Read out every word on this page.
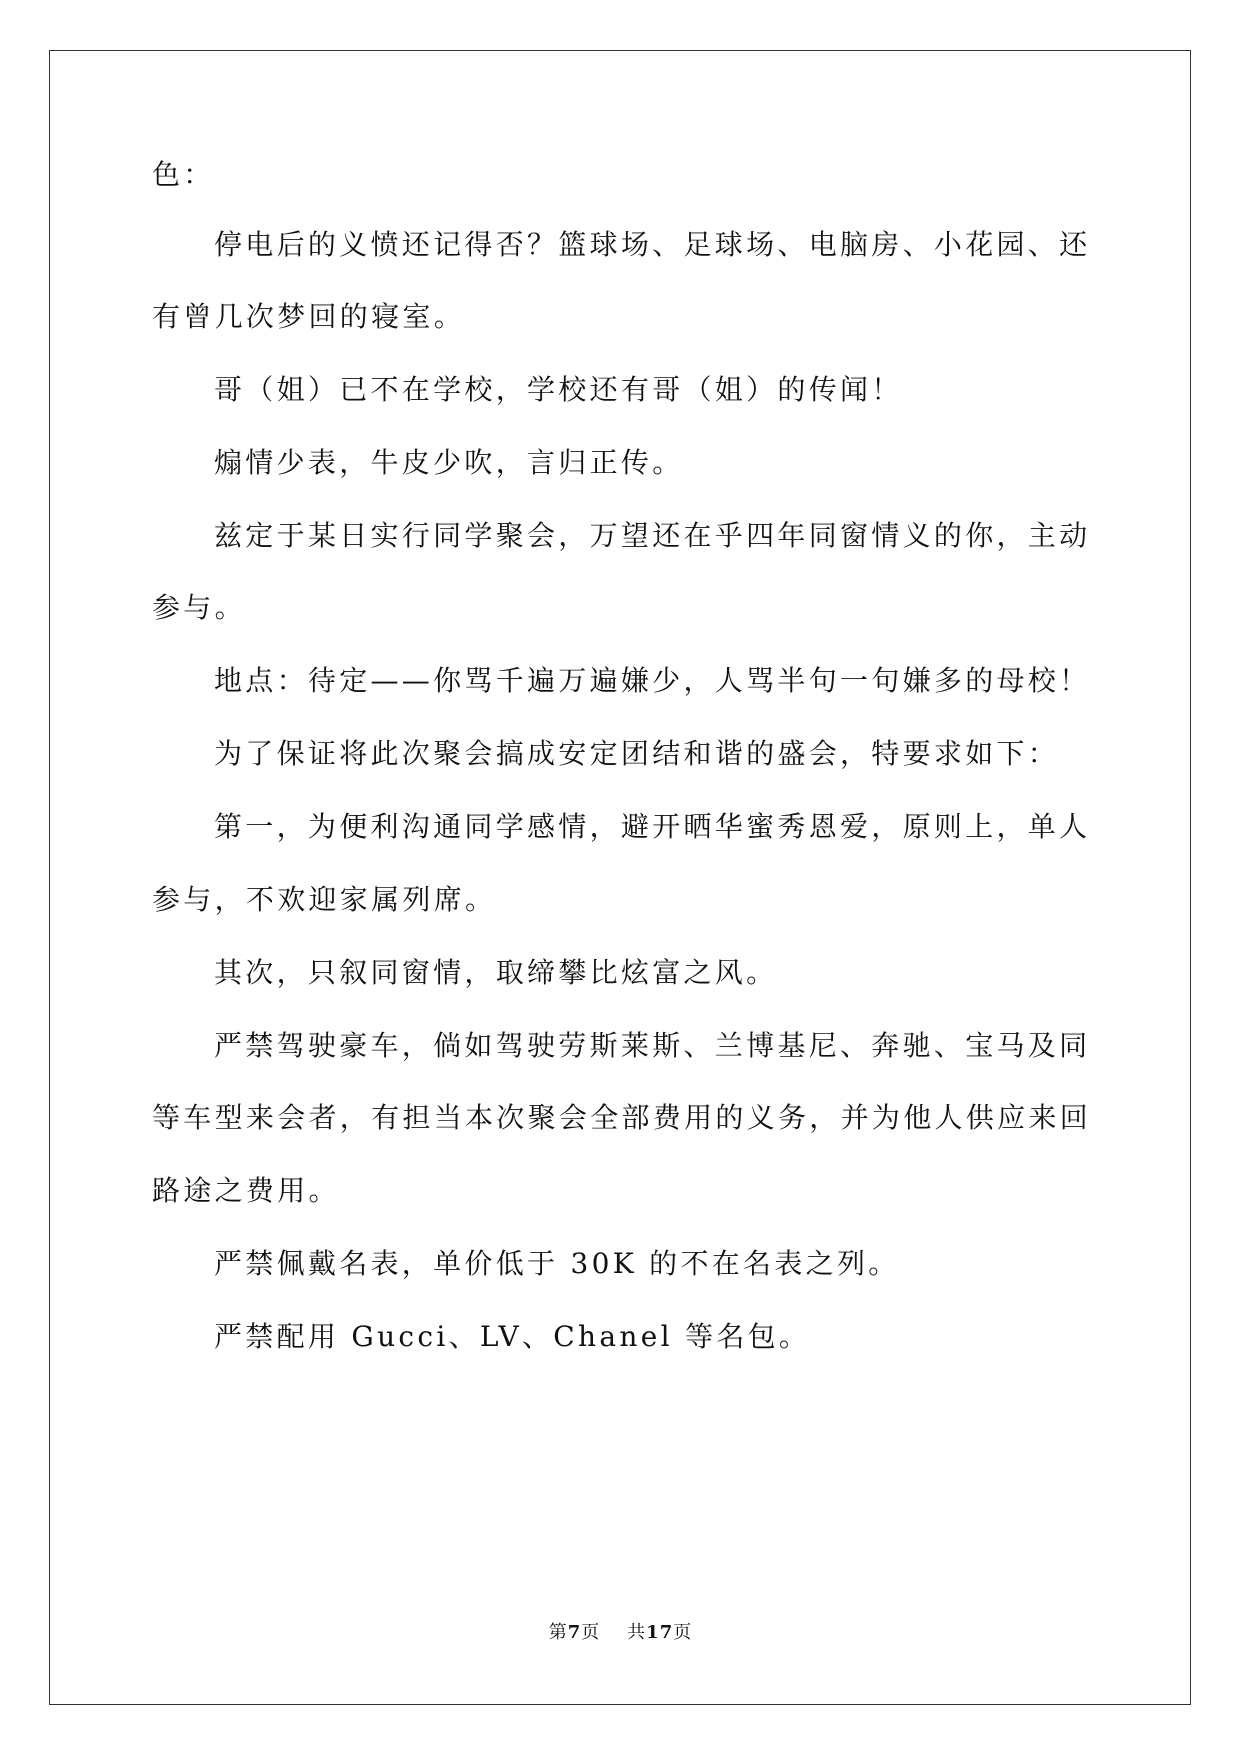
色：
停电后的义愤还记得否？篮球场、足球场、电脑房、小花园、还
有曾几次梦回的寝室。
哥（姐）已不在学校，学校还有哥（姐）的传闻！
煽情少表，牛皮少吹，言归正传。
兹定于某日实行同学聚会，万望还在乎四年同窗情义的你，主动
参与。
地点：待定——你骂千遍万遍嫌少，人骂半句一句嫌多的母校！
为了保证将此次聚会搞成安定团结和谐的盛会，特要求如下：
第一，为便利沟通同学感情，避开晒华蜜秀恩爱，原则上，单人
参与，不欢迎家属列席。
其次，只叙同窗情，取缔攀比炫富之风。
严禁驾驶豪车，倘如驾驶劳斯莱斯、兰博基尼、奔驰、宝马及同
等车型来会者，有担当本次聚会全部费用的义务，并为他人供应来回
路途之费用。
严禁佩戴名表，单价低于 30K 的不在名表之列。
严禁配用 Gucci、LV、Chanel 等名包。
第7页 共17页
